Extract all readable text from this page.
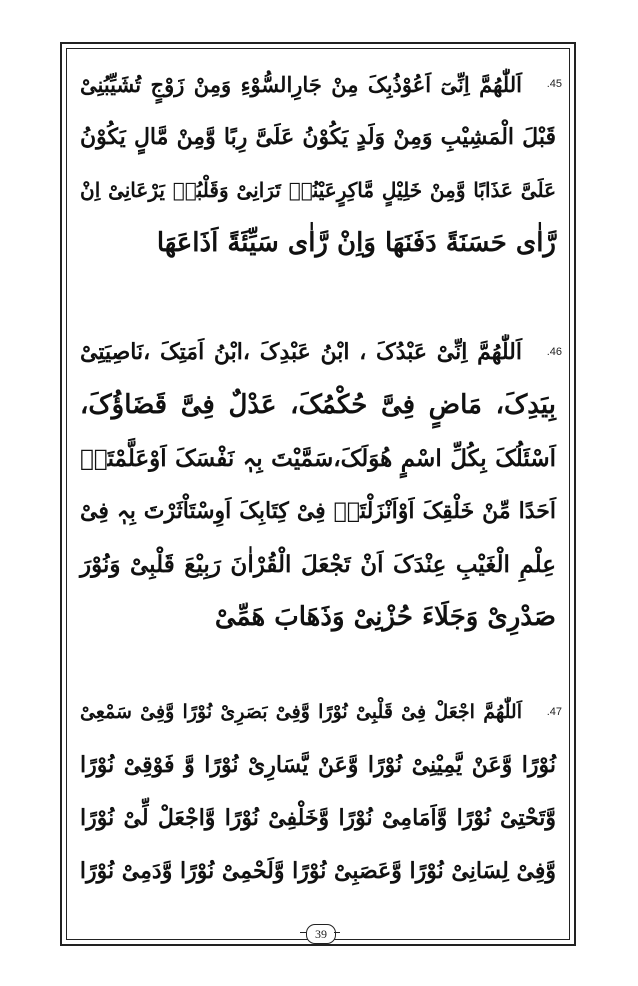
.45
اَللّٰھُمَّ اِنِّیٓ اَعُوْذُبِکَ مِنْ جَارِالسُّوْءِ وَمِنْ زَوْجٍ تُشَیِّبُنِیْ
قَبْلَ الْمَشِیْبِ وَمِنْ وَلَدٍ یَکُوْنُ عَلَیَّ رِبًا وَّمِنْ مَّالٍ یَکُوْنُ
عَلَیَّ عَذَابًا وَّمِنْ خَلِیْلٍ مَّاکِرٍعَیْنُہٗ تَرَانِیْ وَقَلْبُہٗ یَرْعَانِیْ اِنْ
رَّاٰی حَسَنَةً دَفَنَھَا وَاِنْ رَّاٰی سَیِّئَةً اَذَاعَھَا
.46
اَللّٰھُمَّ اِنِّیْ عَبْدُکَ ، ابْنُ عَبْدِکَ ،ابْنُ اَمَتِکَ ،نَاصِیَتِیْ
بِیَدِکَ، مَاضٍ فِیَّ حُکْمُکَ، عَدْلٌ فِیَّ قَضَاؤُکَ،
اَسْئَلُکَ بِکُلِّ اسْمٍ ھُوَلَکَ،سَمَّیْتَ بِہٖ نَفْسَکَ اَوْعَلَّمْتَہٗ
اَحَدًا مِّنْ خَلْقِکَ اَوْاَنْزَلْتَہٗ فِیْ کِتَابِکَ اَوِسْتَاْثَرْتَ بِہٖ فِیْ
عِلْمِ الْغَیْبِ عِنْدَکَ اَنْ تَجْعَلَ الْقُرْاٰنَ رَبِیْعَ قَلْبِیْ وَنُوْرَ
صَدْرِیْ وَجَلَاءَ حُزْنِیْ وَذَھَابَ ھَمِّیْ
.47
اَللّٰھُمَّ اجْعَلْ فِیْ قَلْبِیْ نُوْرًا وَّفِیْ بَصَرِیْ نُوْرًا وَّفِیْ سَمْعِیْ
نُوْرًا وَّعَنْ یَّمِیْنِیْ نُوْرًا وَّعَنْ یَّسَارِیْ نُوْرًا وَّ فَوْقِیْ نُوْرًا
وَّتَحْتِیْ نُوْرًا وَّاَمَامِیْ نُوْرًا وَّخَلْفِیْ نُوْرًا وَّاجْعَلْ لِّیْ نُوْرًا
وَّفِیْ لِسَانِیْ نُوْرًا وَّعَصَبِیْ نُوْرًا وَّلَحْمِیْ نُوْرًا وَّدَمِیْ نُوْرًا
39
